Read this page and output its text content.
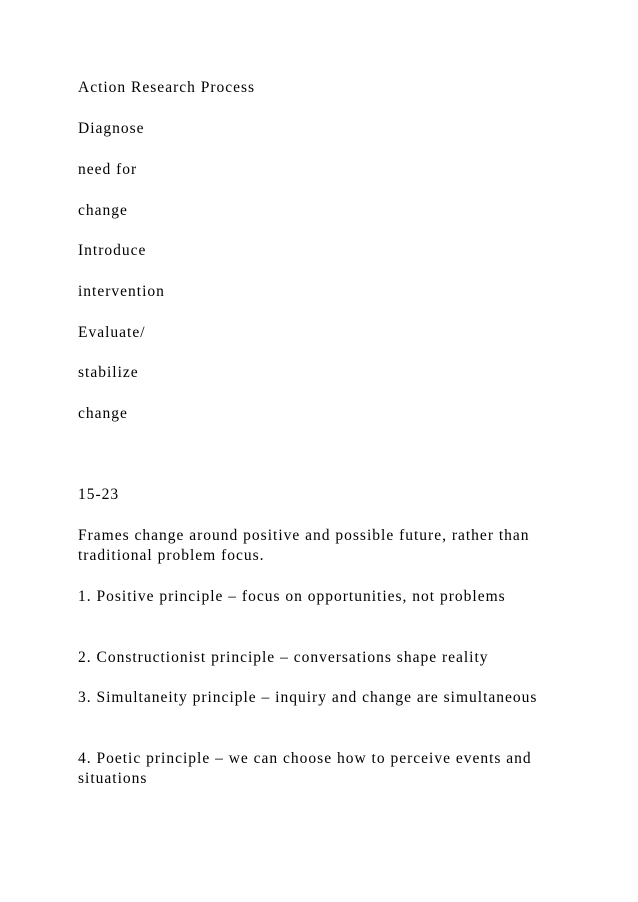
Action Research Process
Diagnose
need for
change
Introduce
intervention
Evaluate/
stabilize
change
15-23
Frames change around positive and possible future, rather than traditional problem focus.
1. Positive principle – focus on opportunities, not problems
2. Constructionist principle – conversations shape reality
3. Simultaneity principle – inquiry and change are simultaneous
4. Poetic principle – we can choose how to perceive events and situations
